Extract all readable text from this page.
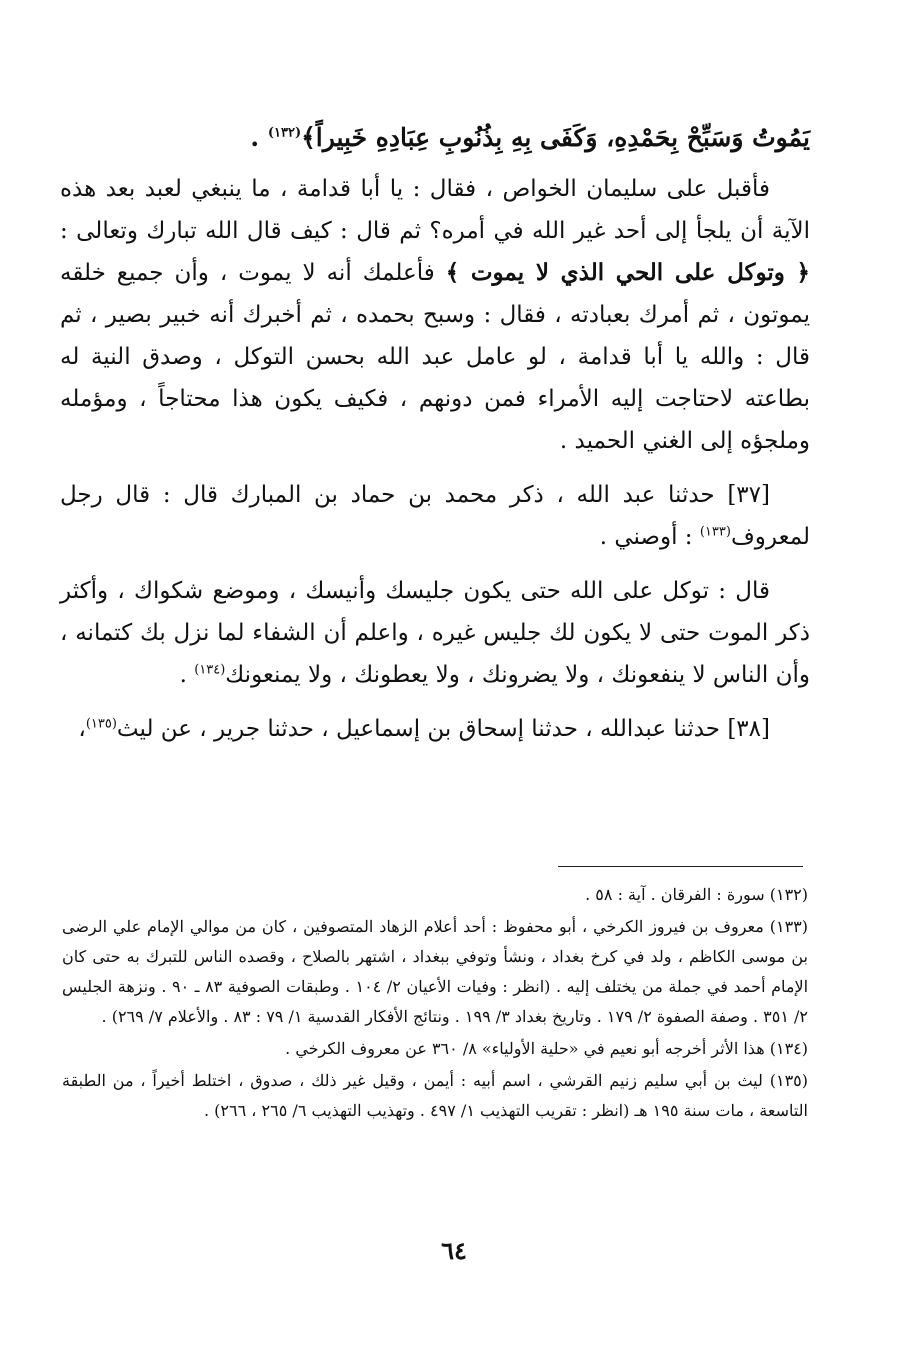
يَمُوتُ وَسَبِّحْ بِحَمْدِهِ، وَكَفَى بِهِ بِذُنُوبِ عِبَادِهِ خَبِيراً﴾$^{(١٣٢)}$ .

فأقبل على سليمان الخواص ، فقال : يا أبا قدامة ، ما ينبغي لعبد بعد هذه الآية أن يلجأ إلى أحد غير الله في أمره؟ ثم قال : كيف قال الله تبارك وتعالى : ﴿ وتوكل على الحي الذي لا يموت ﴾ فأعلمك أنه لا يموت ، وأن جميع خلقه يموتون ، ثم أمرك بعبادته ، فقال : وسبح بحمده ، ثم أخبرك أنه خبير بصير ، ثم قال : والله يا أبا قدامة ، لو عامل عبد الله بحسن التوكل ، وصدق النية له بطاعته لاحتاجت إليه الأمراء فمن دونهم ، فكيف يكون هذا محتاجاً ، ومؤمله وملجؤه إلى الغني الحميد .

[٣٧] حدثنا عبد الله ، ذكر محمد بن حماد بن المبارك قال : قال رجل لمعروف$^{(١٣٣)}$ : أوصني .

قال : توكل على الله حتى يكون جليسك وأنيسك ، وموضع شكواك ، وأكثر ذكر الموت حتى لا يكون لك جليس غيره ، واعلم أن الشفاء لما نزل بك كتمانه ، وأن الناس لا ينفعونك ، ولا يضرونك ، ولا يعطونك ، ولا يمنعونك$^{(١٣٤)}$ .

[٣٨] حدثنا عبدالله ، حدثنا إسحاق بن إسماعيل ، حدثنا جرير ، عن ليث$^{(١٣٥)}$،

(١٣٢) سورة : الفرقان . آية : ٥٨ .

(١٣٣) معروف بن فيروز الكرخي ، أبو محفوظ : أحد أعلام الزهاد المتصوفين ، كان من موالي الإمام علي الرضى بن موسى الكاظم ، ولد في كرخ بغداد ، ونشأ وتوفي ببغداد ، اشتهر بالصلاح ، وقصده الناس للتبرك به حتى كان الإمام أحمد في جملة من يختلف إليه . (انظر : وفيات الأعيان ٢/ ١٠٤ . وطبقات الصوفية ٨٣ ـ ٩٠ . ونزهة الجليس ٢/ ٣٥١ . وصفة الصفوة ٢/ ١٧٩ . وتاريخ بغداد ٣/ ١٩٩ . ونتائج الأفكار القدسية ١/ ٧٩ : ٨٣ . والأعلام ٧/ ٢٦٩) .

(١٣٤) هذا الأثر أخرجه أبو نعيم في «حلية الأولياء» ٨/ ٣٦٠ عن معروف الكرخي .

(١٣٥) ليث بن أبي سليم زنيم القرشي ، اسم أبيه : أيمن ، وقيل غير ذلك ، صدوق ، اختلط أخيراً ، من الطبقة التاسعة ، مات سنة ١٩٥ هـ (انظر : تقريب التهذيب ١/ ٤٩٧ . وتهذيب التهذيب ٦/ ٢٦٥ ، ٢٦٦) .

٦٤
